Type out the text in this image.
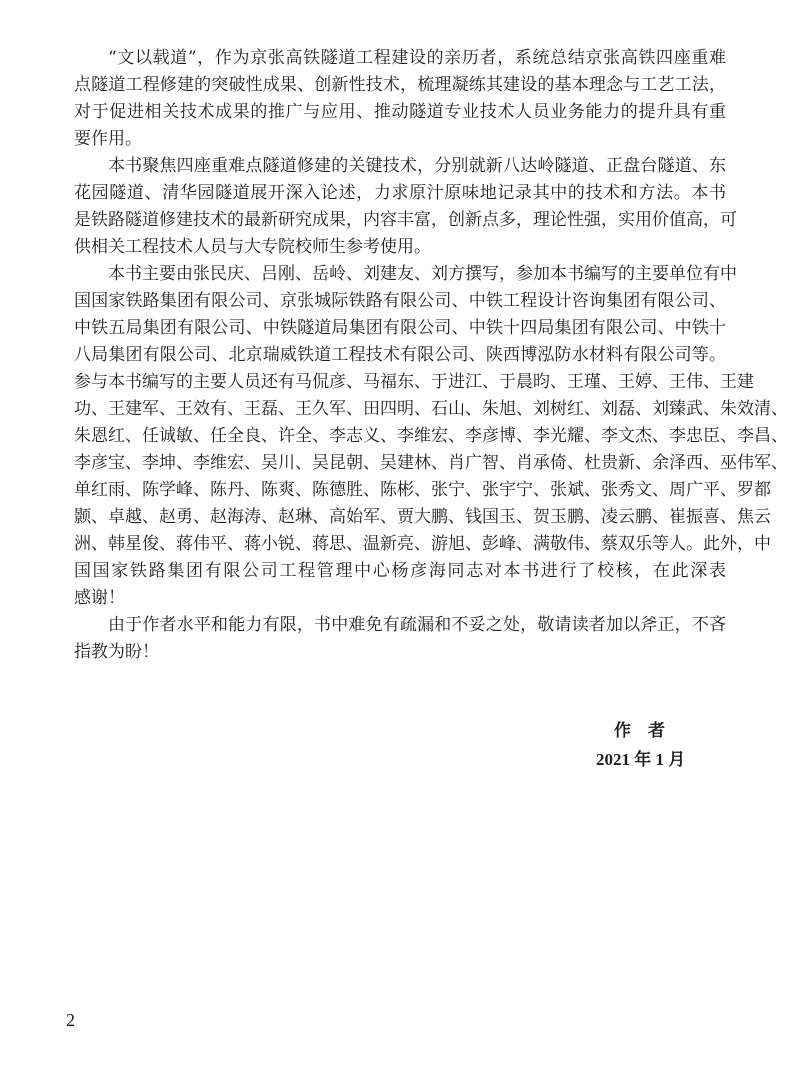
“文以载道”，作为京张高铁隧道工程建设的亲历者，系统总结京张高铁四座重难
点隧道工程修建的突破性成果、创新性技术，梳理凝练其建设的基本理念与工艺工法，
对于促进相关技术成果的推广与应用、推动隧道专业技术人员业务能力的提升具有重
要作用。
本书聚焦四座重难点隧道修建的关键技术，分别就新八达岭隧道、正盘台隧道、东
花园隧道、清华园隧道展开深入论述，力求原汁原味地记录其中的技术和方法。本书
是铁路隧道修建技术的最新研究成果，内容丰富，创新点多，理论性强，实用价值高，可
供相关工程技术人员与大专院校师生参考使用。
本书主要由张民庆、吕刚、岳岭、刘建友、刘方撰写，参加本书编写的主要单位有中
国国家铁路集团有限公司、京张城际铁路有限公司、中铁工程设计咨询集团有限公司、
中铁五局集团有限公司、中铁隧道局集团有限公司、中铁十四局集团有限公司、中铁十
八局集团有限公司、北京瑞威铁道工程技术有限公司、陕西博泓防水材料有限公司等。
参与本书编写的主要人员还有马侃彦、马福东、于进江、于晨昀、王瑾、王婷、王伟、王建
功、王建军、王效有、王磊、王久军、田四明、石山、朱旭、刘树红、刘磊、刘臻武、朱效清、
朱恩红、任诚敏、任全良、许全、李志义、李维宏、李彦博、李光耀、李文杰、李忠臣、李昌、
李彦宝、李坤、李维宏、吴川、吴昆朝、吴建林、肖广智、肖承倚、杜贵新、余泽西、巫伟军、
单红雨、陈学峰、陈丹、陈爽、陈德胜、陈彬、张宁、张宇宁、张斌、张秀文、周广平、罗都
颢、卓越、赵勇、赵海涛、赵琳、高始军、贾大鹏、钱国玉、贺玉鹏、凌云鹏、崔振喜、焦云
洲、韩星俊、蒋伟平、蒋小锐、蒋思、温新亮、游旭、彭峰、满敬伟、蔡双乐等人。此外，中
国国家铁路集团有限公司工程管理中心杨彦海同志对本书进行了校核，在此深表
感谢！
由于作者水平和能力有限，书中难免有疏漏和不妥之处，敬请读者加以斧正，不吝
指教为盼！
作　者
2021 年 1 月
2
